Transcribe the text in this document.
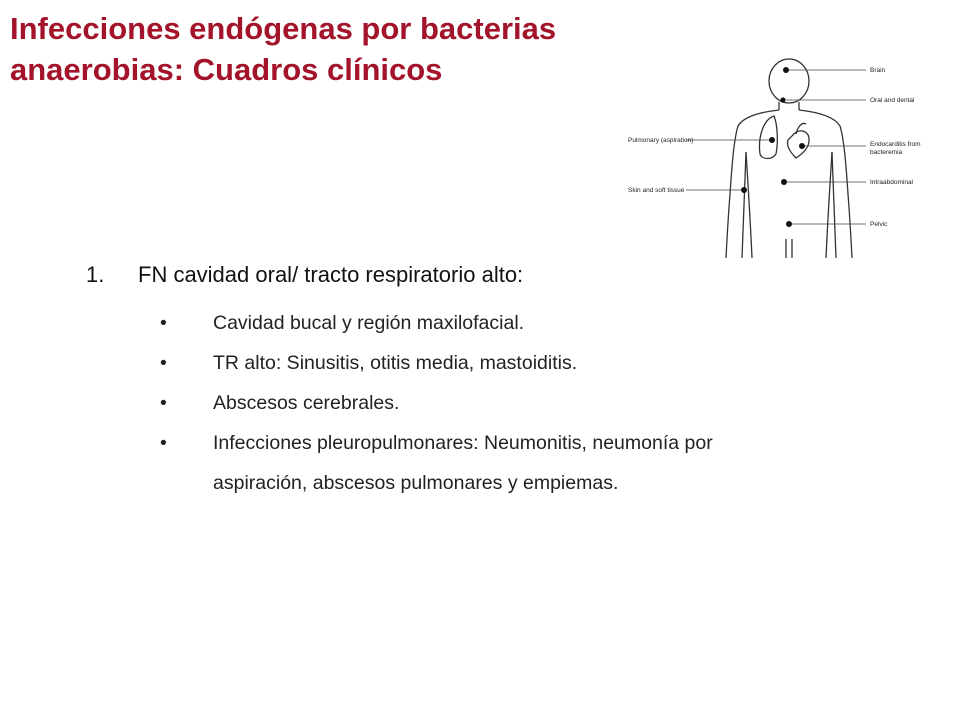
Infecciones endógenas por bacterias
anaerobias: Cuadros clínicos	Brain
Oral and dental
Pulmonary (aspiration)
Endocarditis from
bacteremia
Skin and soft tissue
Intraabdominal
Pelvic
1. FN cavidad oral/ tracto respiratorio alto:
• Cavidad bucal y región maxilofacial.
• TR alto: Sinusitis, otitis media, mastoiditis.
• Abscesos cerebrales.
• Infecciones pleuropulmonares: Neumonitis, neumonía por aspiración, abscesos pulmonares y empiemas.
